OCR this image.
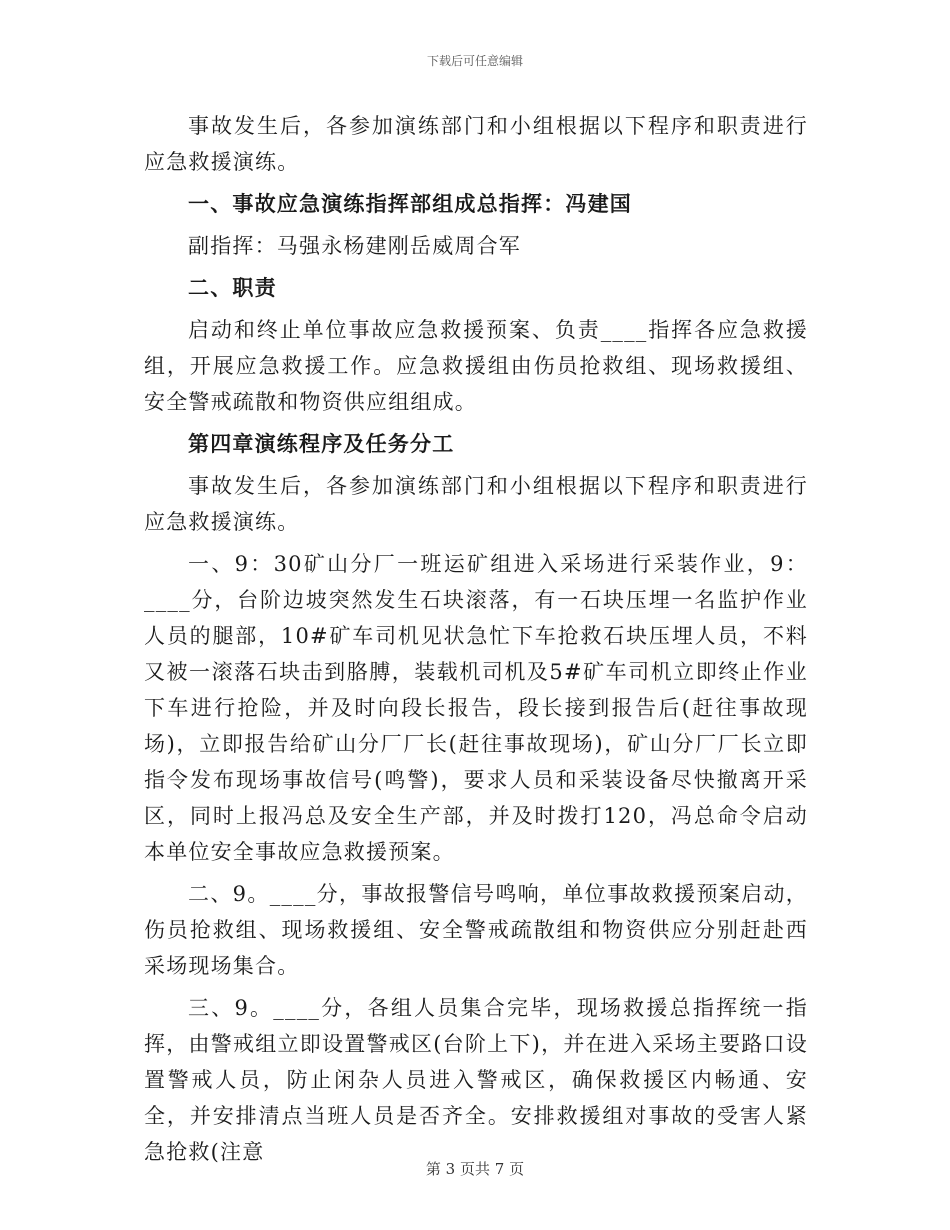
下载后可任意编辑

事故发生后，各参加演练部门和小组根据以下程序和职责进行应急救援演练。

一、事故应急演练指挥部组成总指挥：冯建国

副指挥：马强永杨建刚岳威周合军

二、职责

启动和终止单位事故应急救援预案、负责____指挥各应急救援组，开展应急救援工作。应急救援组由伤员抢救组、现场救援组、安全警戒疏散和物资供应组组成。

第四章演练程序及任务分工

事故发生后，各参加演练部门和小组根据以下程序和职责进行应急救援演练。

一、9：30矿山分厂一班运矿组进入采场进行采装作业，9：____分，台阶边坡突然发生石块滚落，有一石块压埋一名监护作业人员的腿部，10#矿车司机见状急忙下车抢救石块压埋人员，不料又被一滚落石块击到胳膊，装载机司机及5#矿车司机立即终止作业下车进行抢险，并及时向段长报告，段长接到报告后(赶往事故现场)，立即报告给矿山分厂厂长(赶往事故现场)，矿山分厂厂长立即指令发布现场事故信号(鸣警)，要求人员和采装设备尽快撤离开采区，同时上报冯总及安全生产部，并及时拨打120，冯总命令启动本单位安全事故应急救援预案。

二、9。____分，事故报警信号鸣响，单位事故救援预案启动，伤员抢救组、现场救援组、安全警戒疏散组和物资供应分别赶赴西采场现场集合。

三、9。____分，各组人员集合完毕，现场救援总指挥统一指挥，由警戒组立即设置警戒区(台阶上下)，并在进入采场主要路口设置警戒人员，防止闲杂人员进入警戒区，确保救援区内畅通、安全，并安排清点当班人员是否齐全。安排救援组对事故的受害人紧急抢救(注意

第 3 页共 7 页
